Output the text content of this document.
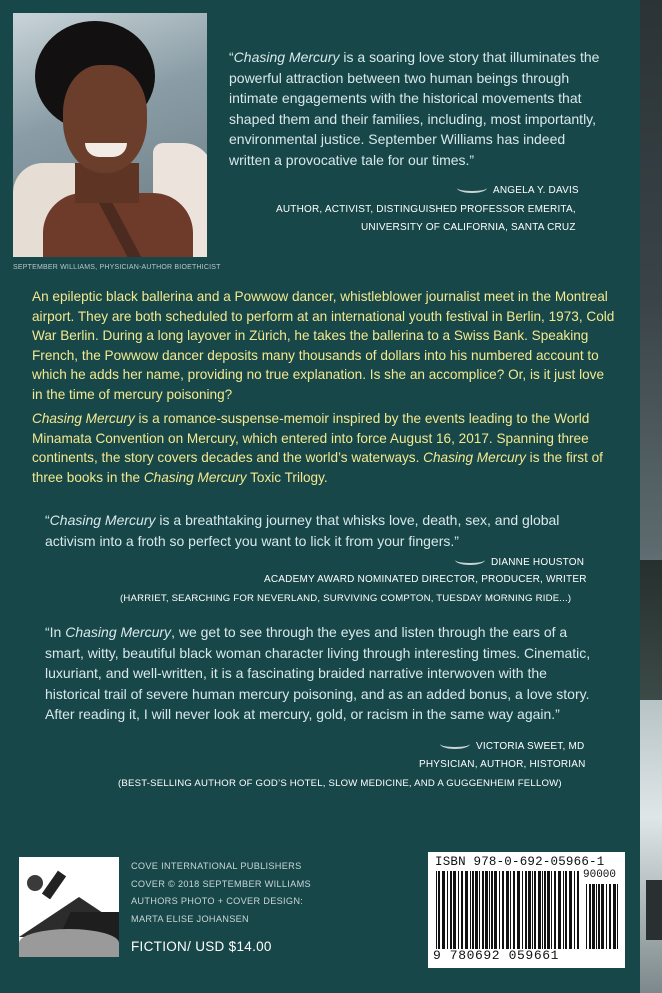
SEPTEMBER WILLIAMS, PHYSICIAN-AUTHOR BIOETHICIST
“Chasing Mercury is a soaring love story that illuminates the powerful attraction between two human beings through intimate engagements with the historical movements that shaped them and their families, including, most importantly, environmental justice. September Williams has indeed written a provocative tale for our times.”
ANGELA Y. DAVIS
AUTHOR, ACTIVIST, DISTINGUISHED PROFESSOR EMERITA,
UNIVERSITY OF CALIFORNIA, SANTA CRUZ
An epileptic black ballerina and a Powwow dancer, whistleblower journalist meet in the Montreal airport. They are both scheduled to perform at an international youth festival in Berlin, 1973, Cold War Berlin. During a long layover in Zürich, he takes the ballerina to a Swiss Bank. Speaking French, the Powwow dancer deposits many thousands of dollars into his numbered account to which he adds her name, providing no true explanation. Is she an accomplice? Or, is it just love in the time of mercury poisoning?
Chasing Mercury is a romance-suspense-memoir inspired by the events leading to the World Minamata Convention on Mercury, which entered into force August 16, 2017. Spanning three continents, the story covers decades and the world’s waterways. Chasing Mercury is the first of three books in the Chasing Mercury Toxic Trilogy.
“Chasing Mercury is a breathtaking journey that whisks love, death, sex, and global activism into a froth so perfect you want to lick it from your fingers.”
DIANNE HOUSTON
ACADEMY AWARD NOMINATED DIRECTOR, PRODUCER, WRITER
(HARRIET, SEARCHING FOR NEVERLAND, SURVIVING COMPTON, TUESDAY MORNING RIDE...)
“In Chasing Mercury, we get to see through the eyes and listen through the ears of a smart, witty, beautiful black woman character living through interesting times. Cinematic, luxuriant, and well-written, it is a fascinating braided narrative interwoven with the historical trail of severe human mercury poisoning, and as an added bonus, a love story. After reading it, I will never look at mercury, gold, or racism in the same way again.”
VICTORIA SWEET, MD
PHYSICIAN, AUTHOR, HISTORIAN
(BEST-SELLING AUTHOR OF GOD’S HOTEL, SLOW MEDICINE, AND A GUGGENHEIM FELLOW)
COVE INTERNATIONAL PUBLISHERS
COVER © 2018 SEPTEMBER WILLIAMS
AUTHORS PHOTO + COVER DESIGN:
MARTA ELISE JOHANSEN
FICTION/ USD $14.00
ISBN 978-0-692-05966-1
90000
9 780692 059661
